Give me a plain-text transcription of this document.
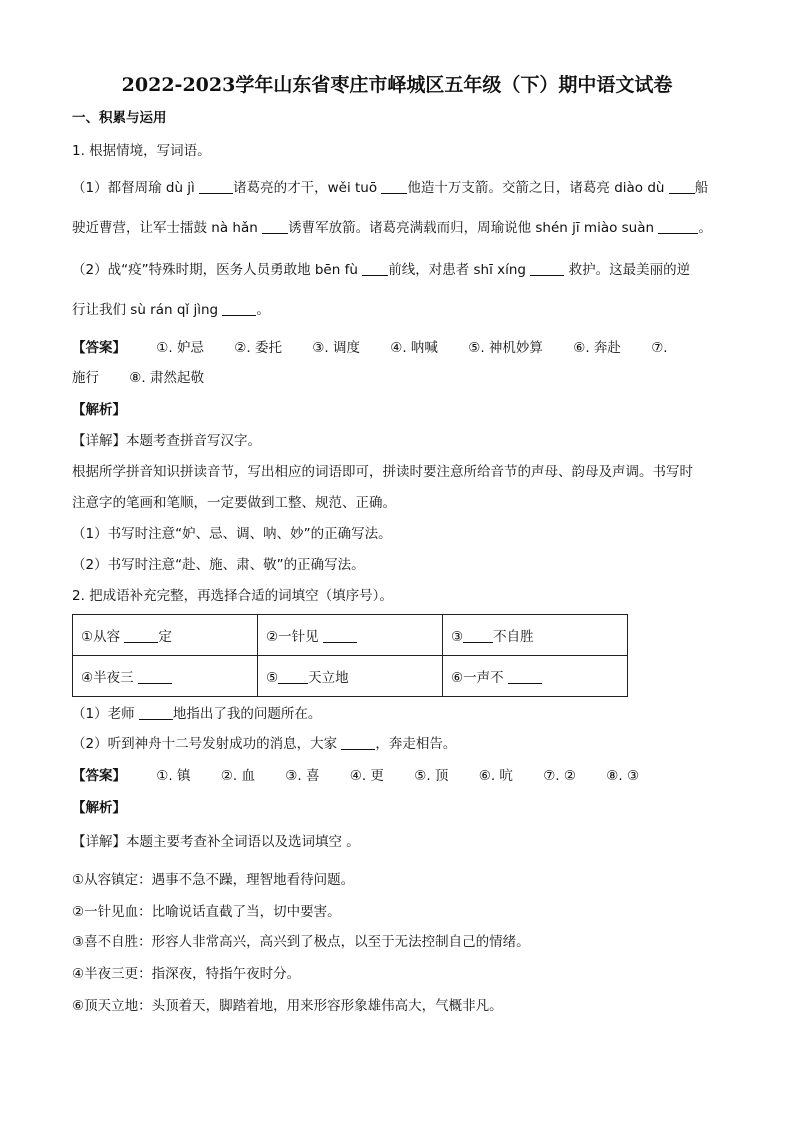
2022-2023学年山东省枣庄市峄城区五年级（下）期中语文试卷
一、积累与运用
1. 根据情境，写词语。
（1）都督周瑜 dù jì	诸葛亮的才干，wěi tuō 他造十万支箭。交箭之日，诸葛亮 diào dù 船
驶近曹营，让军士擂鼓 nà hǎn 诱曹军放箭。诸葛亮满载而归，周瑜说他 shén jī miào suàn	。
（2）战“疫”特殊时期，医务人员勇敢地 bēn fù 前线，对患者 shī xíng	救护。这最美丽的逆
行让我们 sù rán qǐ jìng	。
【答案】 ①. 妒忌 ②. 委托 ③. 调度 ④. 呐喊 ⑤. 神机妙算 ⑥. 奔赴 ⑦.
施行 ⑧. 肃然起敬
【解析】
【详解】本题考查拼音写汉字。
根据所学拼音知识拼读音节，写出相应的词语即可，拼读时要注意所给音节的声母、韵母及声调。书写时
注意字的笔画和笔顺，一定要做到工整、规范、正确。
（1）书写时注意“妒、忌、调、呐、妙”的正确写法。
（2）书写时注意“赴、施、肃、敬”的正确写法。
2. 把成语补充完整，再选择合适的词填空（填序号）。
①从容 定	②一针见	③ 不自胜
④半夜三	⑤ 天立地	⑥一声不
（1）老师	地指出了我的问题所在。
（2）听到神舟十二号发射成功的消息，大家	，奔走相告。
【答案】 ①. 镇 ②. 血 ③. 喜 ④. 更 ⑤. 顶 ⑥. 吭 ⑦. ② ⑧. ③
【解析】
【详解】本题主要考查补全词语以及选词填空 。
①从容镇定：遇事不急不躁，理智地看待问题。
②一针见血：比喻说话直截了当，切中要害。
③喜不自胜：形容人非常高兴，高兴到了极点，以至于无法控制自己的情绪。
④半夜三更：指深夜，特指午夜时分。
⑥顶天立地：头顶着天，脚踏着地，用来形容形象雄伟高大，气概非凡。
